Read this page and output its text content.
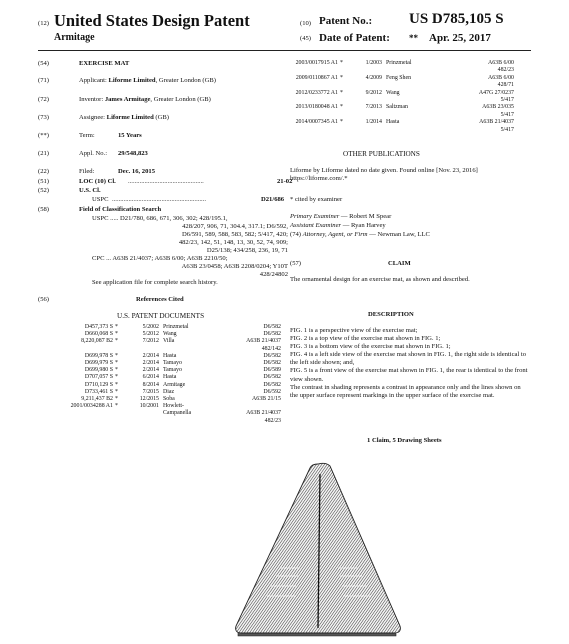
(12) United States Design Patent	(10) Patent No.: US D785,105 S
Armitage	(45) Date of Patent: ** Apr. 25, 2017
(54)	EXERCISE MAT
(71)	Applicant: Liforme Limited, Greater London (GB)
(72)	Inventor: James Armitage, Greater London (GB)
(73)	Assignee: Liforme Limited (GB)
(**)	Term:	15 Years
(21)	Appl. No.: 29/548,823
(22)	Filed:	Dec. 16, 2015
(51)	LOC (10) Cl. ..............................................	21-02
(52)	U.S. Cl.
USPC .........................................................	D21/686
(58)	Field of Classification Search
USPC ..... D21/780, 686, 671, 306, 302; 428/195.1,
428/207, 906, 71, 304.4, 317.1; D6/592,
D6/591, 589, 588, 583, 582; 5/417, 420;
482/23, 142, 51, 148, 13, 30, 52, 74, 909;
D25/138; 434/258, 236, 19, 71
CPC ... A63B 21/4037; A63B 6/00; A63B 2210/50;
A63B 23/0458; A63B 2208/0204; Y10T
428/24802
See application file for complete search history.
(56)	References Cited
U.S. PATENT DOCUMENTS
D457,373 S *	5/2002 Prinzmetal	D6/582
D660,068 S *	5/2012 Wang	D6/582
8,220,087 B2 *	7/2012 Villa	A63B 21/4037
482/142
D699,978 S *	2/2014 Hasta	D6/582
D699,979 S *	2/2014 Tamayo	D6/582
D699,980 S *	2/2014 Tamayo	D6/589
D707,057 S *	6/2014 Hasta	D6/582
D710,129 S *	8/2014 Armitage	D6/582
D733,461 S *	7/2015 Diaz	D6/592
9,211,437 B2 *	12/2015 Soba	A63B 21/15
2001/0034288 A1 *	10/2001 Howlett-
Campanella	A63B 21/4037
482/23
2003/0017915 A1 *	1/2003 Prinzmetal	A63B 6/00
482/23
2009/0110867 A1 *	4/2009 Feng Shen	A63B 6/00
428/71
2012/0233772 A1 *	9/2012 Wang	A47G 27/0237
5/417
2013/0180048 A1 *	7/2013 Saltzman	A63B 23/035
5/417
2014/0007345 A1 *	1/2014 Hasta	A63B 21/4037
5/417
OTHER PUBLICATIONS
Liforme by Liforme dated no date given. Found online [Nov. 23, 2016] https://liforme.com/.*
* cited by examiner
Primary Examiner — Robert M Spear
Assistant Examiner — Ryan Harvey
(74) Attorney, Agent, or Firm — Newman Law, LLC
(57)	CLAIM
The ornamental design for an exercise mat, as shown and described.
DESCRIPTION
FIG. 1 is a perspective view of the exercise mat;
FIG. 2 is a top view of the exercise mat shown in FIG. 1;
FIG. 3 is a bottom view of the exercise mat shown in FIG. 1;
FIG. 4 is a left side view of the exercise mat shown in FIG. 1, the right side is identical to the left side shown; and,
FIG. 5 is a front view of the exercise mat shown in FIG. 1, the rear is identical to the front view shown.
The contrast in shading represents a contrast in appearance only and the lines shown on the upper surface represent markings in the upper surface of the exercise mat.
1 Claim, 5 Drawing Sheets
